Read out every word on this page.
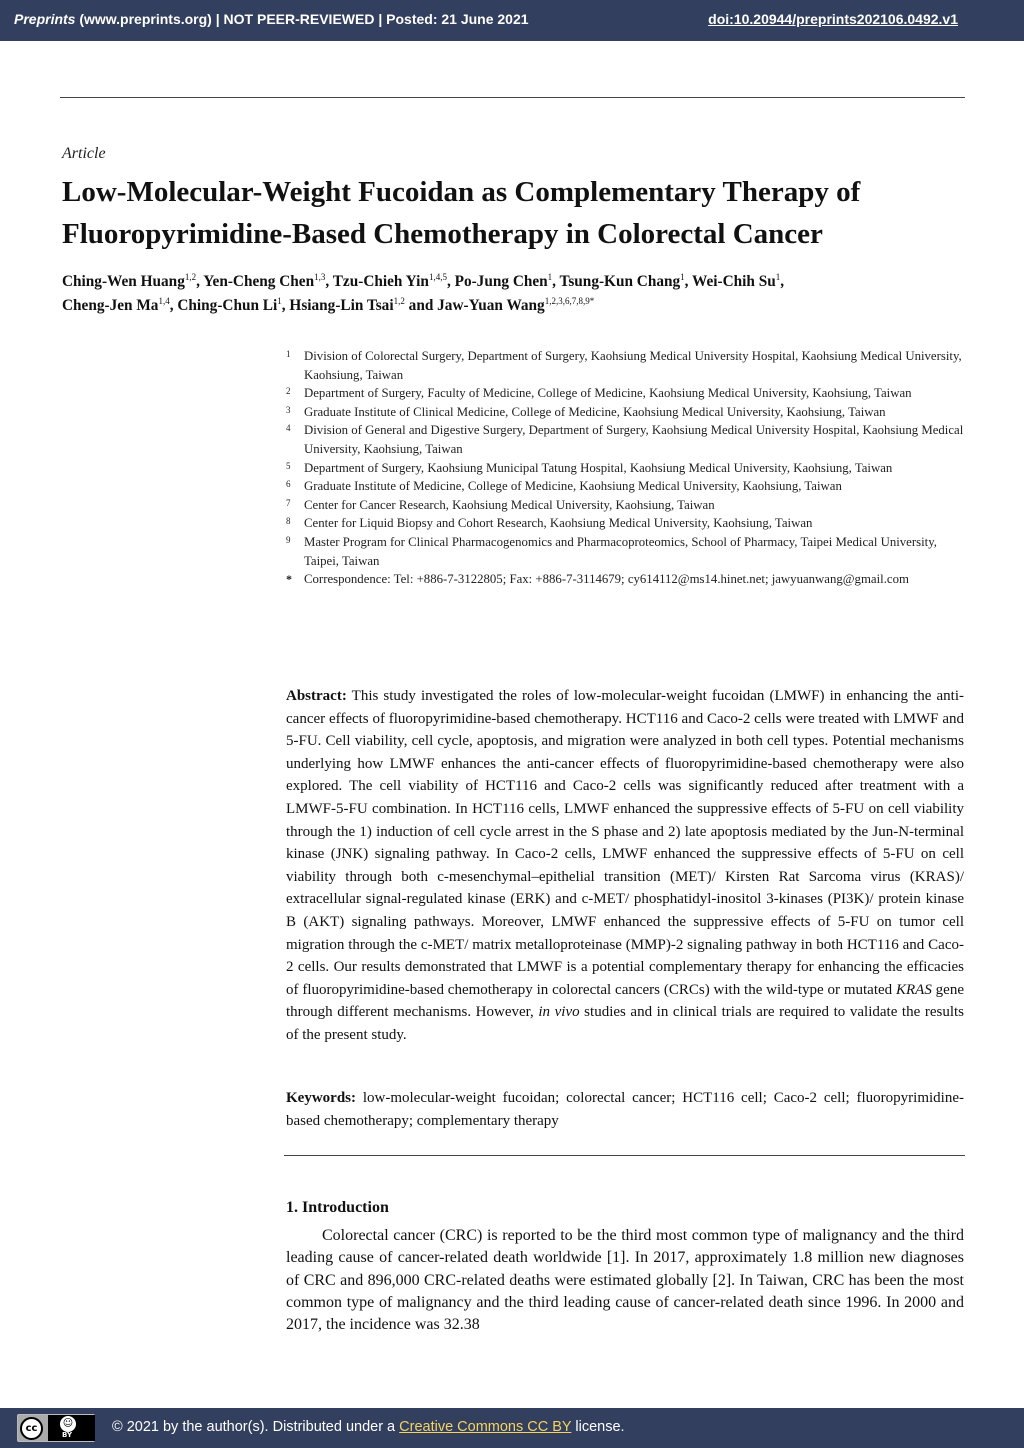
Preprints (www.preprints.org) | NOT PEER-REVIEWED | Posted: 21 June 2021	doi:10.20944/preprints202106.0492.v1
Article
Low-Molecular-Weight Fucoidan as Complementary Therapy of Fluoropyrimidine-Based Chemotherapy in Colorectal Cancer
Ching-Wen Huang$^{1,2}$, Yen-Cheng Chen$^{1,3}$, Tzu-Chieh Yin$^{1,4,5}$, Po-Jung Chen$^1$, Tsung-Kun Chang$^1$, Wei-Chih Su$^1$,
Cheng-Jen Ma$^{1,4}$, Ching-Chun Li$^1$, Hsiang-Lin Tsai$^{1,2}$ and Jaw-Yuan Wang$^{1,2,3,6,7,8,9*}$
1 Division of Colorectal Surgery, Department of Surgery, Kaohsiung Medical University Hospital, Kaohsiung Medical University, Kaohsiung, Taiwan
2 Department of Surgery, Faculty of Medicine, College of Medicine, Kaohsiung Medical University, Kaohsiung, Taiwan
3 Graduate Institute of Clinical Medicine, College of Medicine, Kaohsiung Medical University, Kaohsiung, Taiwan
4 Division of General and Digestive Surgery, Department of Surgery, Kaohsiung Medical University Hospital, Kaohsiung Medical University, Kaohsiung, Taiwan
5 Department of Surgery, Kaohsiung Municipal Tatung Hospital, Kaohsiung Medical University, Kaohsiung, Taiwan
6 Graduate Institute of Medicine, College of Medicine, Kaohsiung Medical University, Kaohsiung, Taiwan
7 Center for Cancer Research, Kaohsiung Medical University, Kaohsiung, Taiwan
8 Center for Liquid Biopsy and Cohort Research, Kaohsiung Medical University, Kaohsiung, Taiwan
9 Master Program for Clinical Pharmacogenomics and Pharmacoproteomics, School of Pharmacy, Taipei Medical University, Taipei, Taiwan
* Correspondence: Tel: +886-7-3122805; Fax: +886-7-3114679; cy614112@ms14.hinet.net; jawyuanwang@gmail.com
Abstract: This study investigated the roles of low-molecular-weight fucoidan (LMWF) in enhancing the anti-cancer effects of fluoropyrimidine-based chemotherapy. HCT116 and Caco-2 cells were treated with LMWF and 5-FU. Cell viability, cell cycle, apoptosis, and migration were analyzed in both cell types. Potential mechanisms underlying how LMWF enhances the anti-cancer effects of fluoropyrimidine-based chemotherapy were also explored. The cell viability of HCT116 and Caco-2 cells was significantly reduced after treatment with a LMWF-5-FU combination. In HCT116 cells, LMWF enhanced the suppressive effects of 5-FU on cell viability through the 1) induction of cell cycle arrest in the S phase and 2) late apoptosis mediated by the Jun-N-terminal kinase (JNK) signaling pathway. In Caco-2 cells, LMWF enhanced the suppressive effects of 5-FU on cell viability through both c-mesenchymal–epithelial transition (MET)/ Kirsten Rat Sarcoma virus (KRAS)/ extracellular signal-regulated kinase (ERK) and c-MET/ phosphatidyl-inositol 3-kinases (PI3K)/ protein kinase B (AKT) signaling pathways. Moreover, LMWF enhanced the suppressive effects of 5-FU on tumor cell migration through the c-MET/ matrix metalloproteinase (MMP)-2 signaling pathway in both HCT116 and Caco-2 cells. Our results demonstrated that LMWF is a potential complementary therapy for enhancing the efficacies of fluoropyrimidine-based chemotherapy in colorectal cancers (CRCs) with the wild-type or mutated KRAS gene through different mechanisms. However, in vivo studies and in clinical trials are required to validate the results of the present study.
Keywords: low-molecular-weight fucoidan; colorectal cancer; HCT116 cell; Caco-2 cell; fluoropyrimidine-based chemotherapy; complementary therapy
1. Introduction
Colorectal cancer (CRC) is reported to be the third most common type of malignancy and the third leading cause of cancer-related death worldwide [1]. In 2017, approximately 1.8 million new diagnoses of CRC and 896,000 CRC-related deaths were estimated globally [2]. In Taiwan, CRC has been the most common type of malignancy and the third leading cause of cancer-related death since 1996. In 2000 and 2017, the incidence was 32.38
cc	☺
BY	© 2021 by the author(s). Distributed under a Creative Commons CC BY license.
